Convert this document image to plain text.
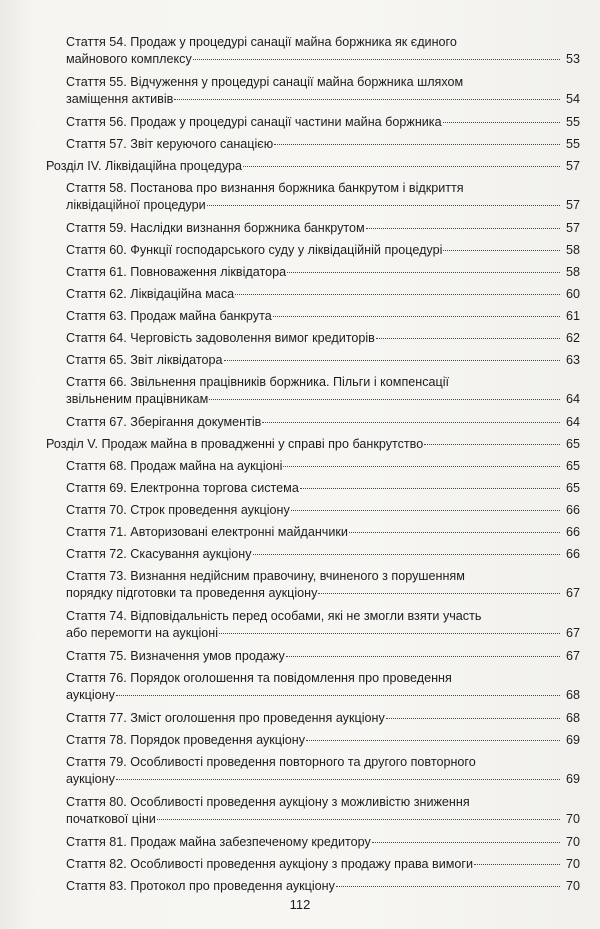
Стаття 54. Продаж у процедурі санації майна боржника як єдиного
майнового комплексу	53
Стаття 55. Відчуження у процедурі санації майна боржника шляхом
заміщення активів	54
Стаття 56. Продаж у процедурі санації частини майна боржника	55
Стаття 57. Звіт керуючого санацією	55
Розділ IV. Ліквідаційна процедура	57
Стаття 58. Постанова про визнання боржника банкрутом і відкриття
ліквідаційної процедури	57
Стаття 59. Наслідки визнання боржника банкрутом	57
Стаття 60. Функції господарського суду у ліквідаційній процедурі	58
Стаття 61. Повноваження ліквідатора	58
Стаття 62. Ліквідаційна маса	60
Стаття 63. Продаж майна банкрута	61
Стаття 64. Черговість задоволення вимог кредиторів	62
Стаття 65. Звіт ліквідатора	63
Стаття 66. Звільнення працівників боржника. Пільги і компенсації
звільненим працівникам	64
Стаття 67. Зберігання документів	64
Розділ V. Продаж майна в провадженні у справі про банкрутство	65
Стаття 68. Продаж майна на аукціоні	65
Стаття 69. Електронна торгова система	65
Стаття 70. Строк проведення аукціону	66
Стаття 71. Авторизовані електронні майданчики	66
Стаття 72. Скасування аукціону	66
Стаття 73. Визнання недійсним правочину, вчиненого з порушенням
порядку підготовки та проведення аукціону	67
Стаття 74. Відповідальність перед особами, які не змогли взяти участь
або перемогти на аукціоні	67
Стаття 75. Визначення умов продажу	67
Стаття 76. Порядок оголошення та повідомлення про проведення
аукціону	68
Стаття 77. Зміст оголошення про проведення аукціону	68
Стаття 78. Порядок проведення аукціону	69
Стаття 79. Особливості проведення повторного та другого повторного
аукціону	69
Стаття 80. Особливості проведення аукціону з можливістю зниження
початкової ціни	70
Стаття 81. Продаж майна забезпеченому кредитору	70
Стаття 82. Особливості проведення аукціону з продажу права вимоги	70
Стаття 83. Протокол про проведення аукціону	70
112
